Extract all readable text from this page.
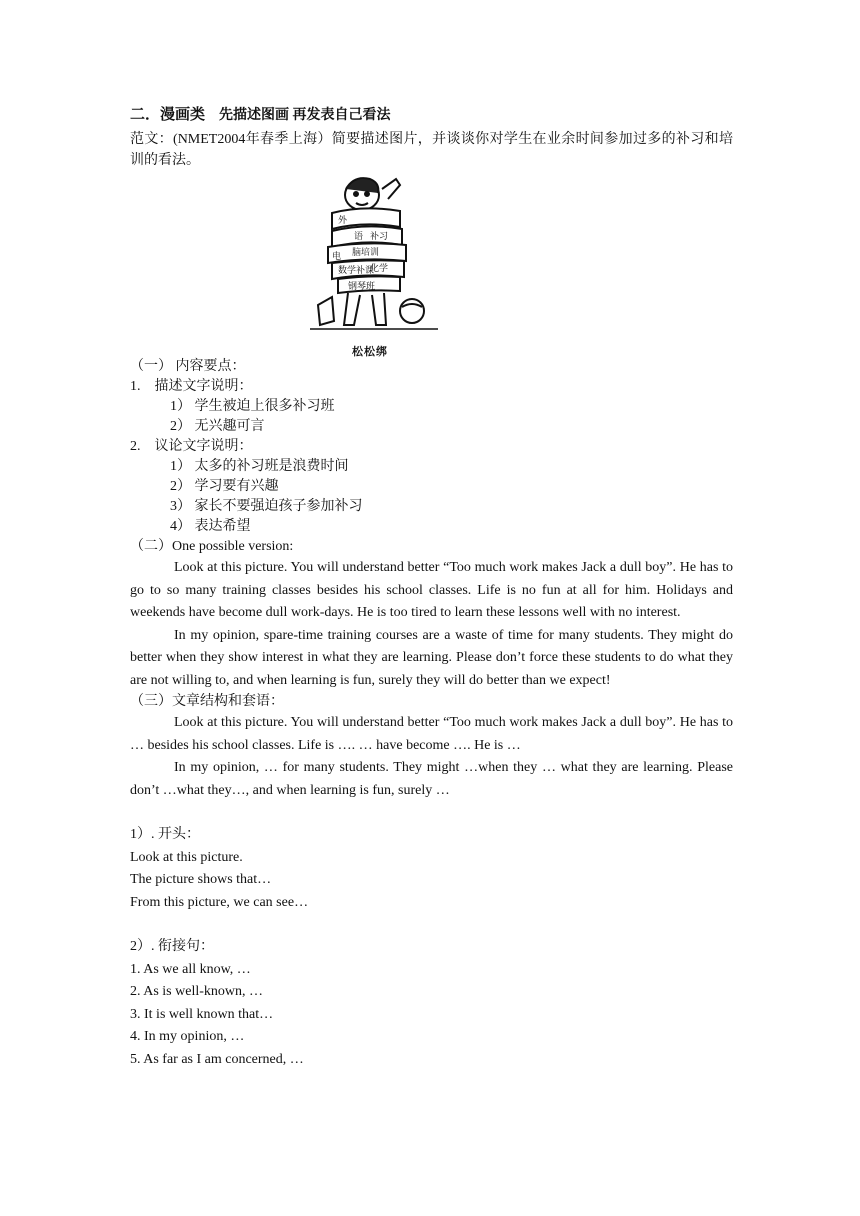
二．漫画类 先描述图画 再发表自己看法
范文：(NMET2004年春季上海）简要描述图片，并谈谈你对学生在业余时间参加过多的补习和培训的看法。
外
语 补习
脑培训
电
化学
数学补课
钢琴班
松松绑
（一） 内容要点：
1.　描述文字说明：
1） 学生被迫上很多补习班
2） 无兴趣可言
2.　议论文字说明：
1） 太多的补习班是浪费时间
2） 学习要有兴趣
3） 家长不要强迫孩子参加补习
4） 表达希望
（二）One possible version:
Look at this picture. You will understand better “Too much work makes Jack a dull boy”. He has to go to so many training classes besides his school classes. Life is no fun at all for him. Holidays and weekends have become dull work-days. He is too tired to learn these lessons well with no interest.
In my opinion, spare-time training courses are a waste of time for many students. They might do better when they show interest in what they are learning. Please don’t force these students to do what they are not willing to, and when learning is fun, surely they will do better than we expect!
（三）文章结构和套语：
Look at this picture. You will understand better “Too much work makes Jack a dull boy”. He has to … besides his school classes. Life is …. … have become …. He is …
In my opinion, … for many students. They might …when they … what they are learning. Please don’t …what they…, and when learning is fun, surely …
1）. 开头：
Look at this picture.
The picture shows that…
From this picture, we can see…
2）. 衔接句：
1. As we all know, …
2. As is well-known, …
3. It is well known that…
4. In my opinion, …
5. As far as I am concerned, …
